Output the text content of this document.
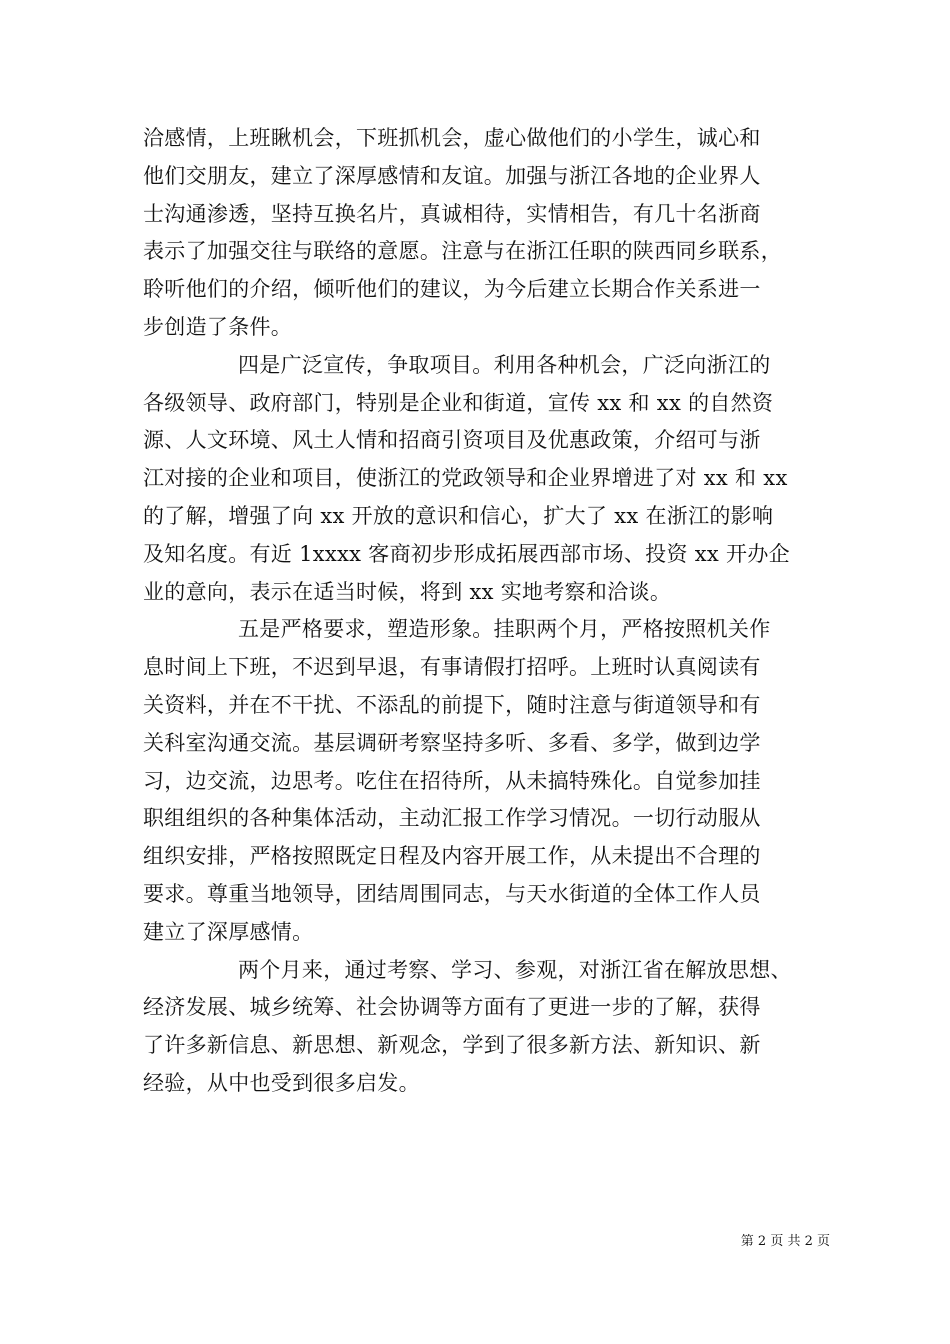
洽感情，上班瞅机会，下班抓机会，虚心做他们的小学生，诚心和
他们交朋友，建立了深厚感情和友谊。加强与浙江各地的企业界人
士沟通渗透，坚持互换名片，真诚相待，实情相告，有几十名浙商
表示了加强交往与联络的意愿。注意与在浙江任职的陕西同乡联系，
聆听他们的介绍，倾听他们的建议，为今后建立长期合作关系进一
步创造了条件。

四是广泛宣传，争取项目。利用各种机会，广泛向浙江的
各级领导、政府部门，特别是企业和街道，宣传 xx 和 xx 的自然资
源、人文环境、风土人情和招商引资项目及优惠政策，介绍可与浙
江对接的企业和项目，使浙江的党政领导和企业界增进了对 xx 和 xx
的了解，增强了向 xx 开放的意识和信心，扩大了 xx 在浙江的影响
及知名度。有近 1xxxx 客商初步形成拓展西部市场、投资 xx 开办企
业的意向，表示在适当时候，将到 xx 实地考察和洽谈。

五是严格要求，塑造形象。挂职两个月，严格按照机关作
息时间上下班，不迟到早退，有事请假打招呼。上班时认真阅读有
关资料，并在不干扰、不添乱的前提下，随时注意与街道领导和有
关科室沟通交流。基层调研考察坚持多听、多看、多学，做到边学
习，边交流，边思考。吃住在招待所，从未搞特殊化。自觉参加挂
职组组织的各种集体活动，主动汇报工作学习情况。一切行动服从
组织安排，严格按照既定日程及内容开展工作，从未提出不合理的
要求。尊重当地领导，团结周围同志，与天水街道的全体工作人员
建立了深厚感情。

两个月来，通过考察、学习、参观，对浙江省在解放思想、
经济发展、城乡统筹、社会协调等方面有了更进一步的了解，获得
了许多新信息、新思想、新观念，学到了很多新方法、新知识、新
经验，从中也受到很多启发。

第 2 页 共 2 页
